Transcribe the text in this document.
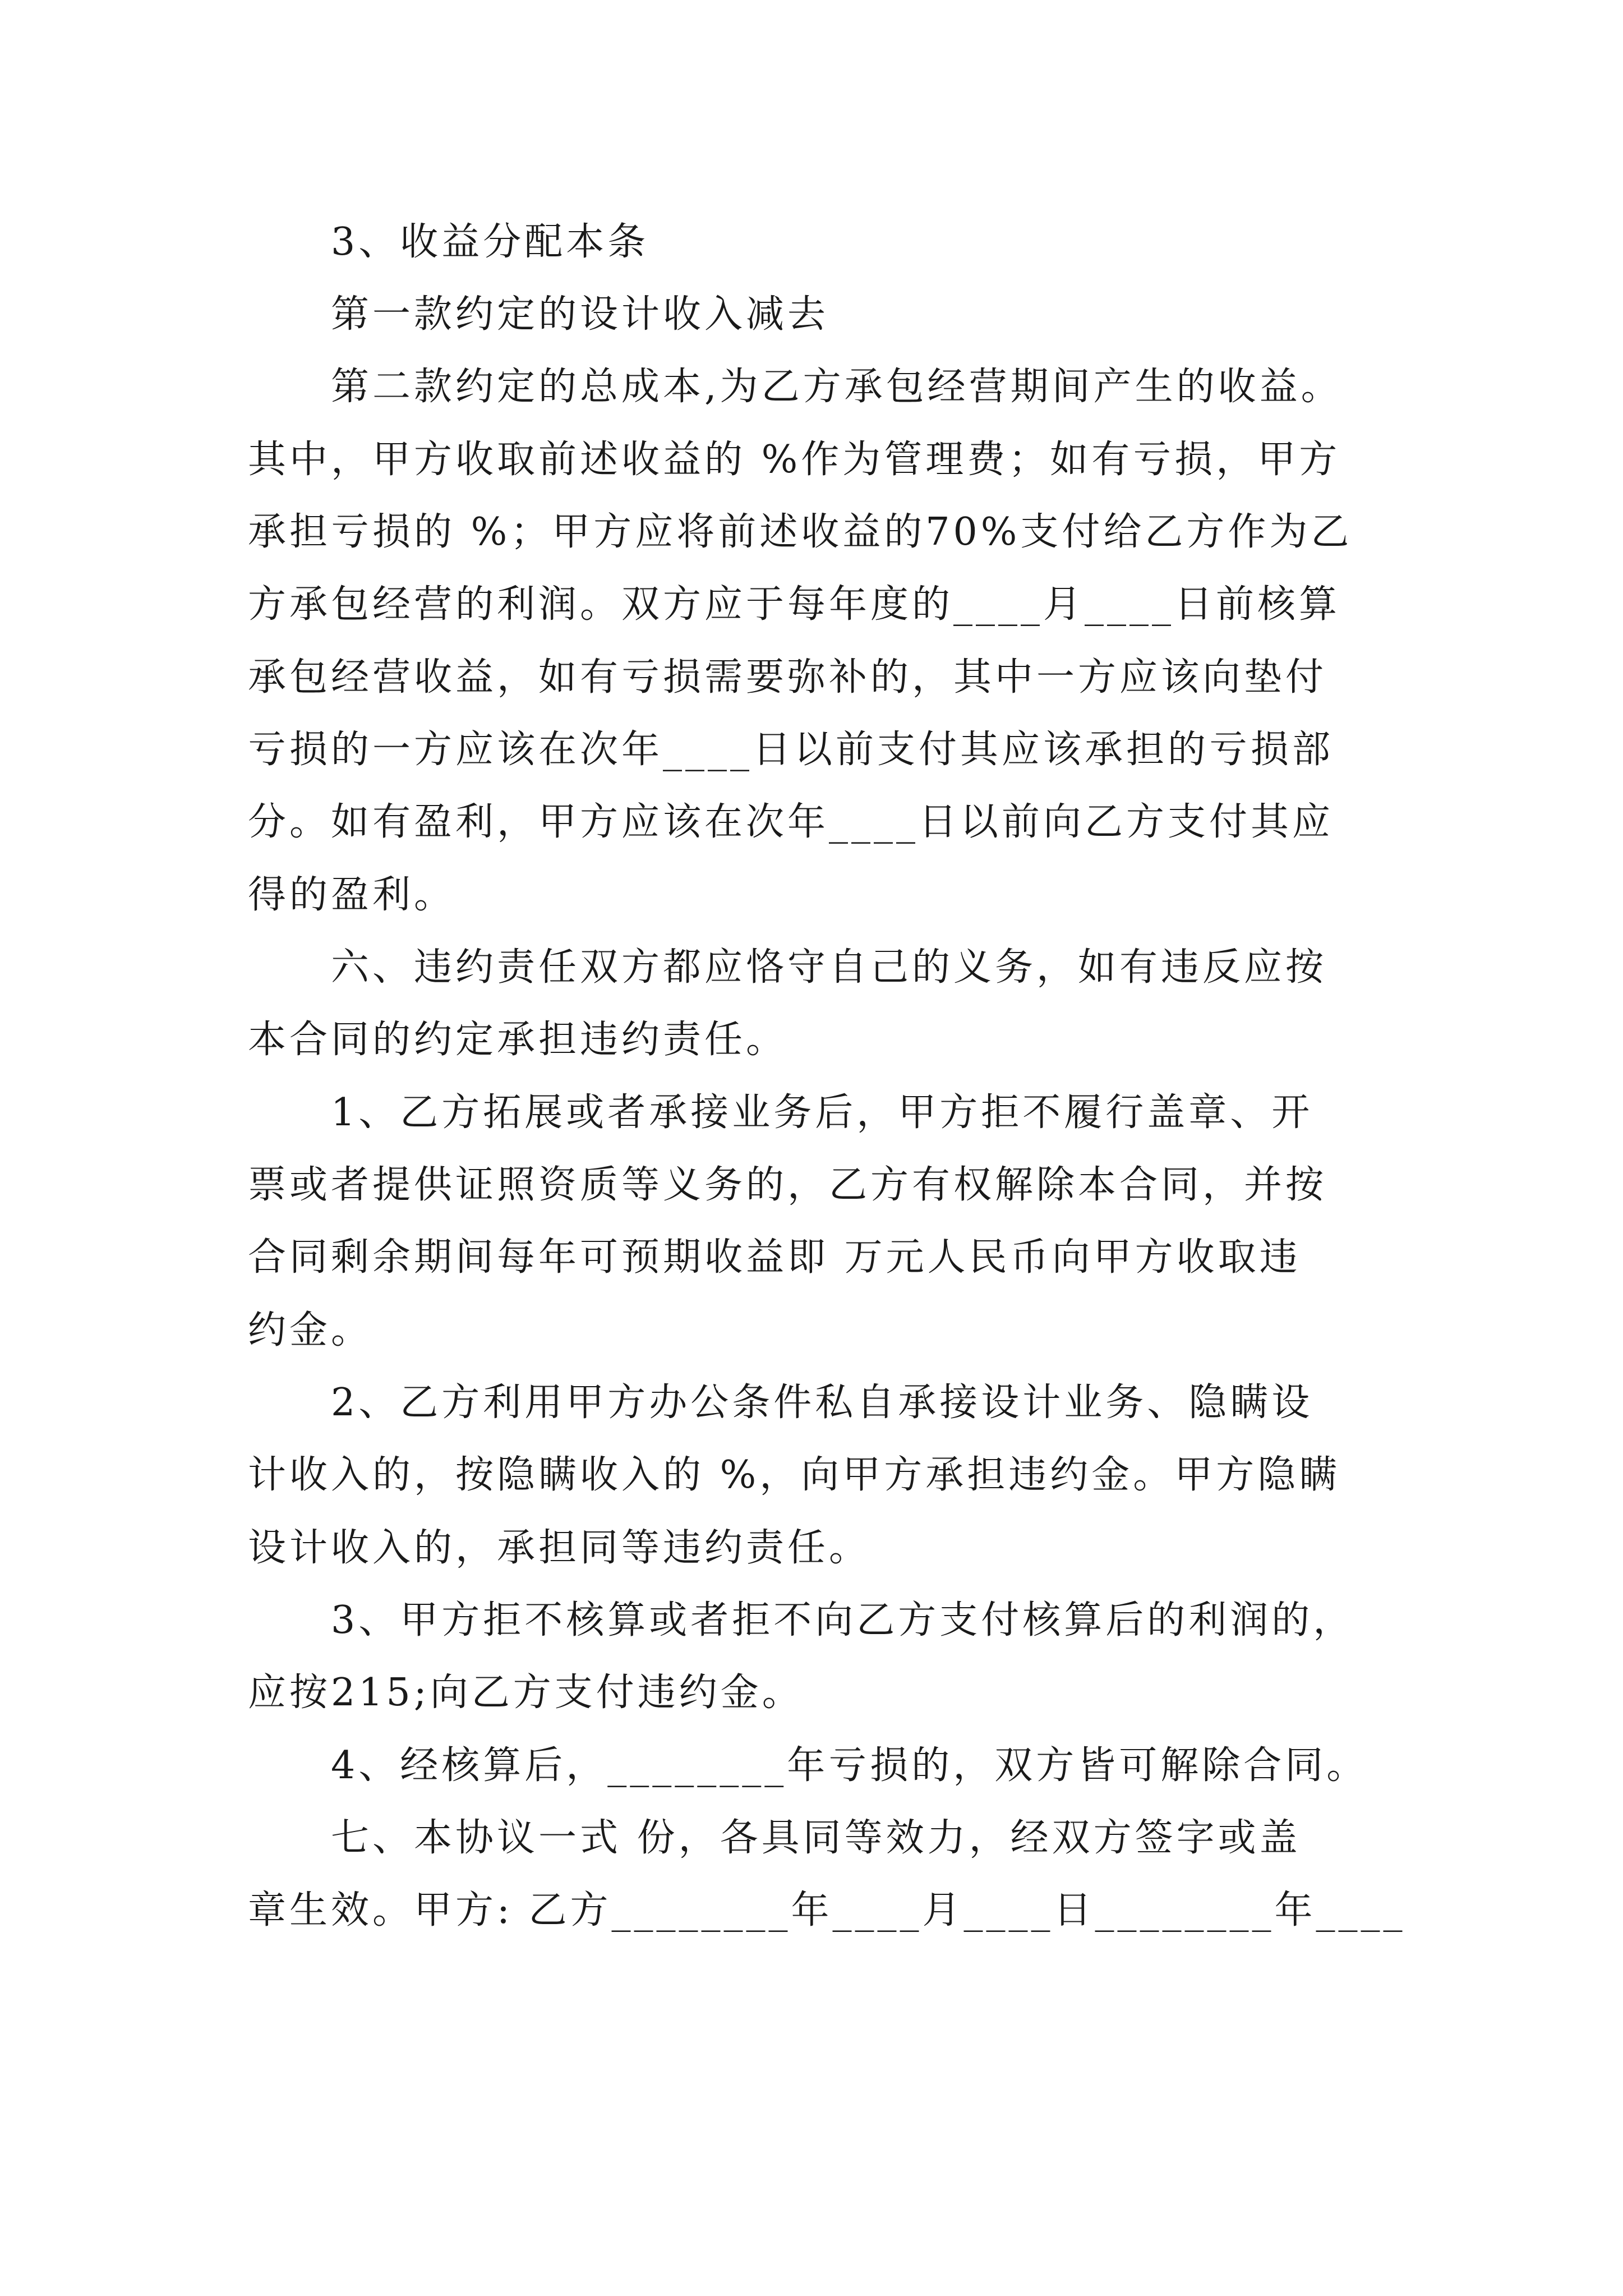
3、收益分配本条

第一款约定的设计收入减去

第二款约定的总成本,为乙方承包经营期间产生的收益。

其中，甲方收取前述收益的 %作为管理费；如有亏损，甲方

承担亏损的 %；甲方应将前述收益的70%支付给乙方作为乙

方承包经营的利润。双方应于每年度的____月____日前核算

承包经营收益，如有亏损需要弥补的，其中一方应该向垫付

亏损的一方应该在次年____日以前支付其应该承担的亏损部

分。如有盈利，甲方应该在次年____日以前向乙方支付其应

得的盈利。

六、违约责任双方都应恪守自己的义务，如有违反应按

本合同的约定承担违约责任。

1、乙方拓展或者承接业务后，甲方拒不履行盖章、开

票或者提供证照资质等义务的，乙方有权解除本合同，并按

合同剩余期间每年可预期收益即 万元人民币向甲方收取违

约金。

2、乙方利用甲方办公条件私自承接设计业务、隐瞒设

计收入的，按隐瞒收入的 %，向甲方承担违约金。甲方隐瞒

设计收入的，承担同等违约责任。

3、甲方拒不核算或者拒不向乙方支付核算后的利润的，

应按215;向乙方支付违约金。

4、经核算后，________年亏损的，双方皆可解除合同。

七、本协议一式 份，各具同等效力，经双方签字或盖

章生效。甲方: 乙方________年____月____日________年____
